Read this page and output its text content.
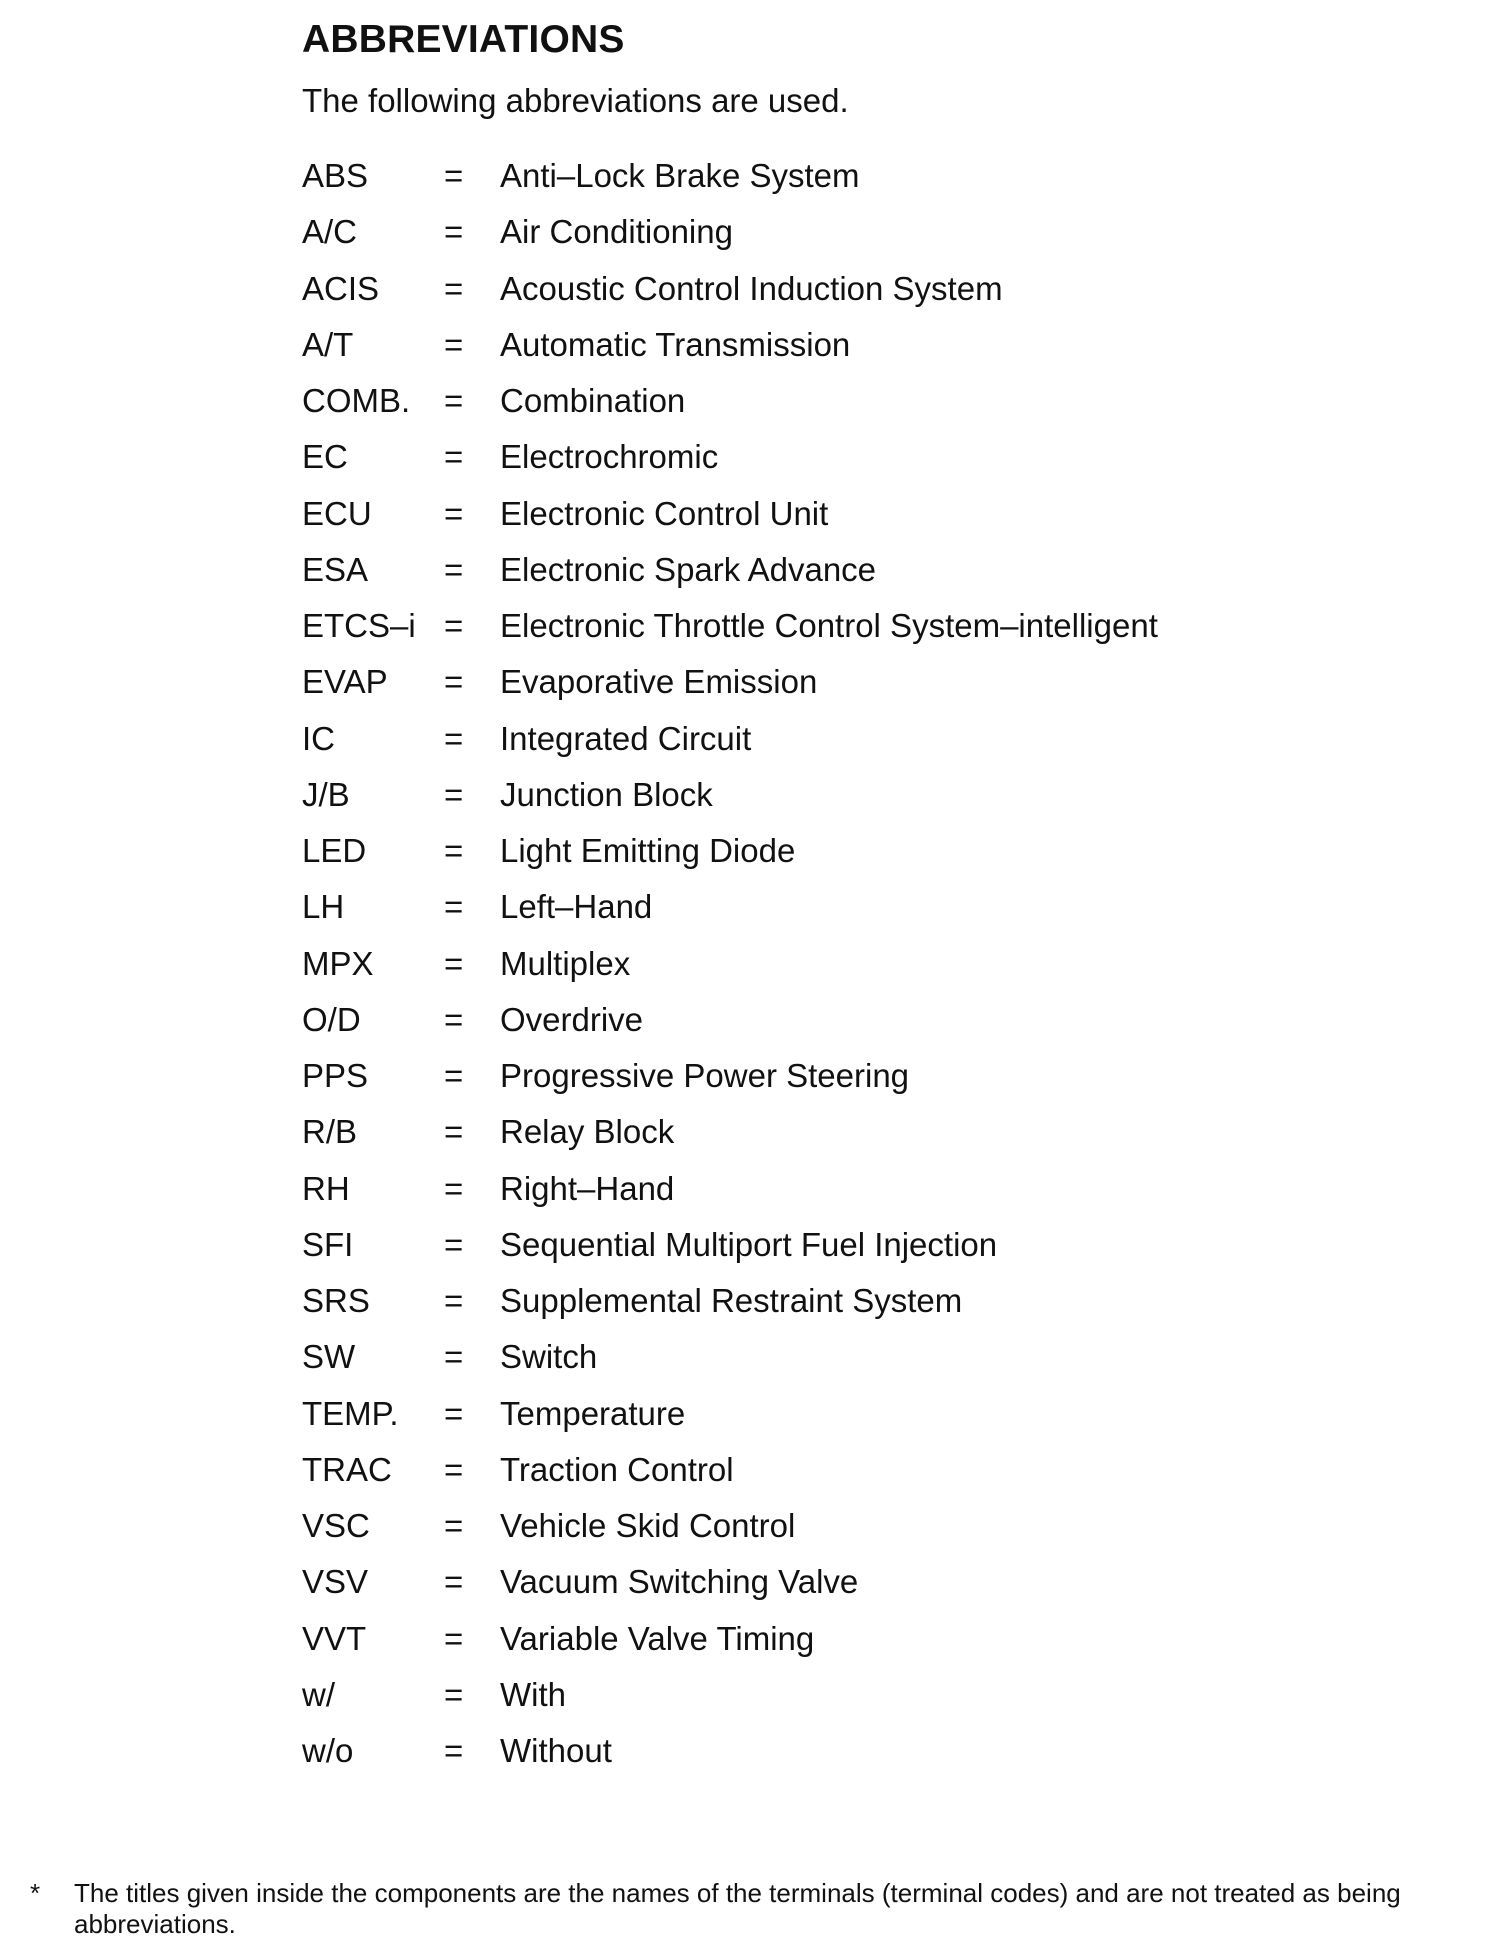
ABBREVIATIONS

The following abbreviations are used.

ABS = Anti–Lock Brake System
A/C	= Air Conditioning
ACIS = Acoustic Control Induction System
A/T	= Automatic Transmission
COMB. = Combination
EC	= Electrochromic
ECU = Electronic Control Unit
ESA = Electronic Spark Advance
ETCS–i = Electronic Throttle Control System–intelligent
EVAP = Evaporative Emission
IC	= Integrated Circuit
J/B	= Junction Block
LED = Light Emitting Diode
LH	= Left–Hand
MPX = Multiplex
O/D	= Overdrive
PPS = Progressive Power Steering
R/B	= Relay Block
RH	= Right–Hand
SFI	= Sequential Multiport Fuel Injection
SRS = Supplemental Restraint System
SW	= Switch
TEMP. = Temperature
TRAC = Traction Control
VSC = Vehicle Skid Control
VSV = Vacuum Switching Valve
VVT = Variable Valve Timing
w/	= With
w/o	= Without
* The titles given inside the components are the names of the terminals (terminal codes) and are not treated as being abbreviations.
